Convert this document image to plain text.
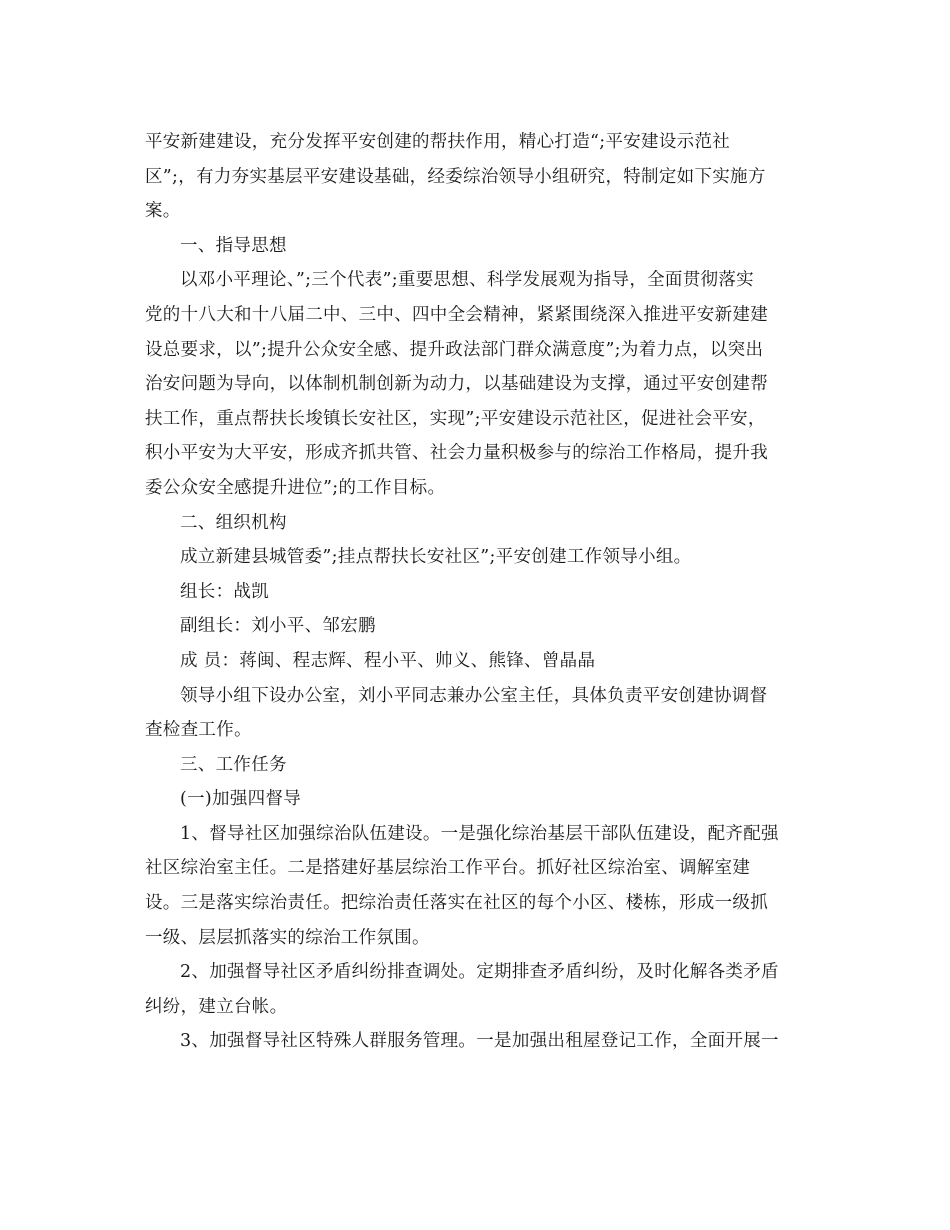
平安新建建设，充分发挥平安创建的帮扶作用，精心打造“;平安建设示范社
区”;，有力夯实基层平安建设基础，经委综治领导小组研究，特制定如下实施方
案。
一、指导思想
以邓小平理论、”;三个代表”;重要思想、科学发展观为指导，全面贯彻落实
党的十八大和十八届二中、三中、四中全会精神，紧紧围绕深入推进平安新建建
设总要求，以”;提升公众安全感、提升政法部门群众满意度”;为着力点，以突出
治安问题为导向，以体制机制创新为动力，以基础建设为支撑，通过平安创建帮
扶工作，重点帮扶长埈镇长安社区，实现”;平安建设示范社区，促进社会平安，
积小平安为大平安，形成齐抓共管、社会力量积极参与的综治工作格局，提升我
委公众安全感提升进位”;的工作目标。
二、组织机构
成立新建县城管委”;挂点帮扶长安社区”;平安创建工作领导小组。
组长：战凯
副组长：刘小平、邹宏鹏
成 员：蒋闽、程志辉、程小平、帅义、熊锋、曾晶晶
领导小组下设办公室，刘小平同志兼办公室主任，具体负责平安创建协调督
查检查工作。
三、工作任务
(一)加强四督导
1、督导社区加强综治队伍建设。一是强化综治基层干部队伍建设，配齐配强
社区综治室主任。二是搭建好基层综治工作平台。抓好社区综治室、调解室建
设。三是落实综治责任。把综治责任落实在社区的每个小区、楼栋，形成一级抓
一级、层层抓落实的综治工作氛围。
2、加强督导社区矛盾纠纷排查调处。定期排查矛盾纠纷，及时化解各类矛盾
纠纷，建立台帐。
3、加强督导社区特殊人群服务管理。一是加强出租屋登记工作，全面开展一
